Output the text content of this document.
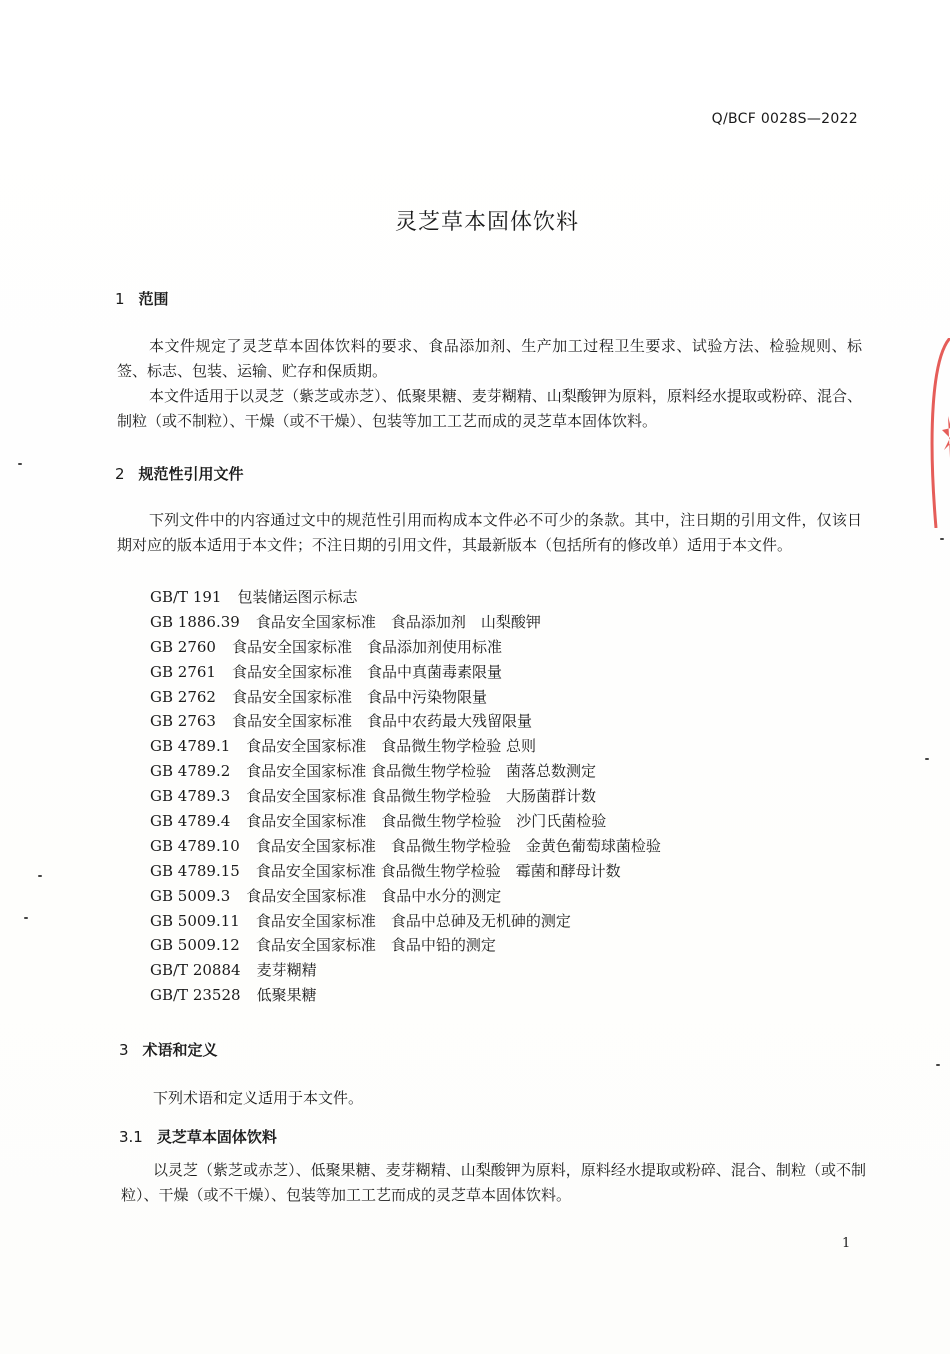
Q/BCF 0028S—2022
灵芝草本固体饮料
1 范围

本文件规定了灵芝草本固体饮料的要求、食品添加剂、生产加工过程卫生要求、试验方法、检验规则、标签、标志、包装、运输、贮存和保质期。

本文件适用于以灵芝（紫芝或赤芝）、低聚果糖、麦芽糊精、山梨酸钾为原料，原料经水提取或粉碎、混合、制粒（或不制粒）、干燥（或不干燥）、包装等加工工艺而成的灵芝草本固体饮料。

2 规范性引用文件

下列文件中的内容通过文中的规范性引用而构成本文件必不可少的条款。其中，注日期的引用文件，仅该日期对应的版本适用于本文件；不注日期的引用文件，其最新版本（包括所有的修改单）适用于本文件。

GB/T 191 包装储运图示标志
GB 1886.39 食品安全国家标准　食品添加剂　山梨酸钾
GB 2760 食品安全国家标准　食品添加剂使用标准
GB 2761 食品安全国家标准　食品中真菌毒素限量
GB 2762 食品安全国家标准　食品中污染物限量
GB 2763 食品安全国家标准　食品中农药最大残留限量
GB 4789.1 食品安全国家标准　食品微生物学检验 总则
GB 4789.2 食品安全国家标准 食品微生物学检验　菌落总数测定
GB 4789.3 食品安全国家标准 食品微生物学检验　大肠菌群计数
GB 4789.4 食品安全国家标准　食品微生物学检验　沙门氏菌检验
GB 4789.10 食品安全国家标准　食品微生物学检验　金黄色葡萄球菌检验
GB 4789.15 食品安全国家标准 食品微生物学检验　霉菌和酵母计数
GB 5009.3 食品安全国家标准　食品中水分的测定
GB 5009.11 食品安全国家标准　食品中总砷及无机砷的测定
GB 5009.12 食品安全国家标准　食品中铅的测定
GB/T 20884 麦芽糊精
GB/T 23528 低聚果糖
3 术语和定义

下列术语和定义适用于本文件。

3.1 灵芝草本固体饮料

以灵芝（紫芝或赤芝）、低聚果糖、麦芽糊精、山梨酸钾为原料，原料经水提取或粉碎、混合、制粒（或不制粒）、干燥（或不干燥）、包装等加工工艺而成的灵芝草本固体饮料。

1
